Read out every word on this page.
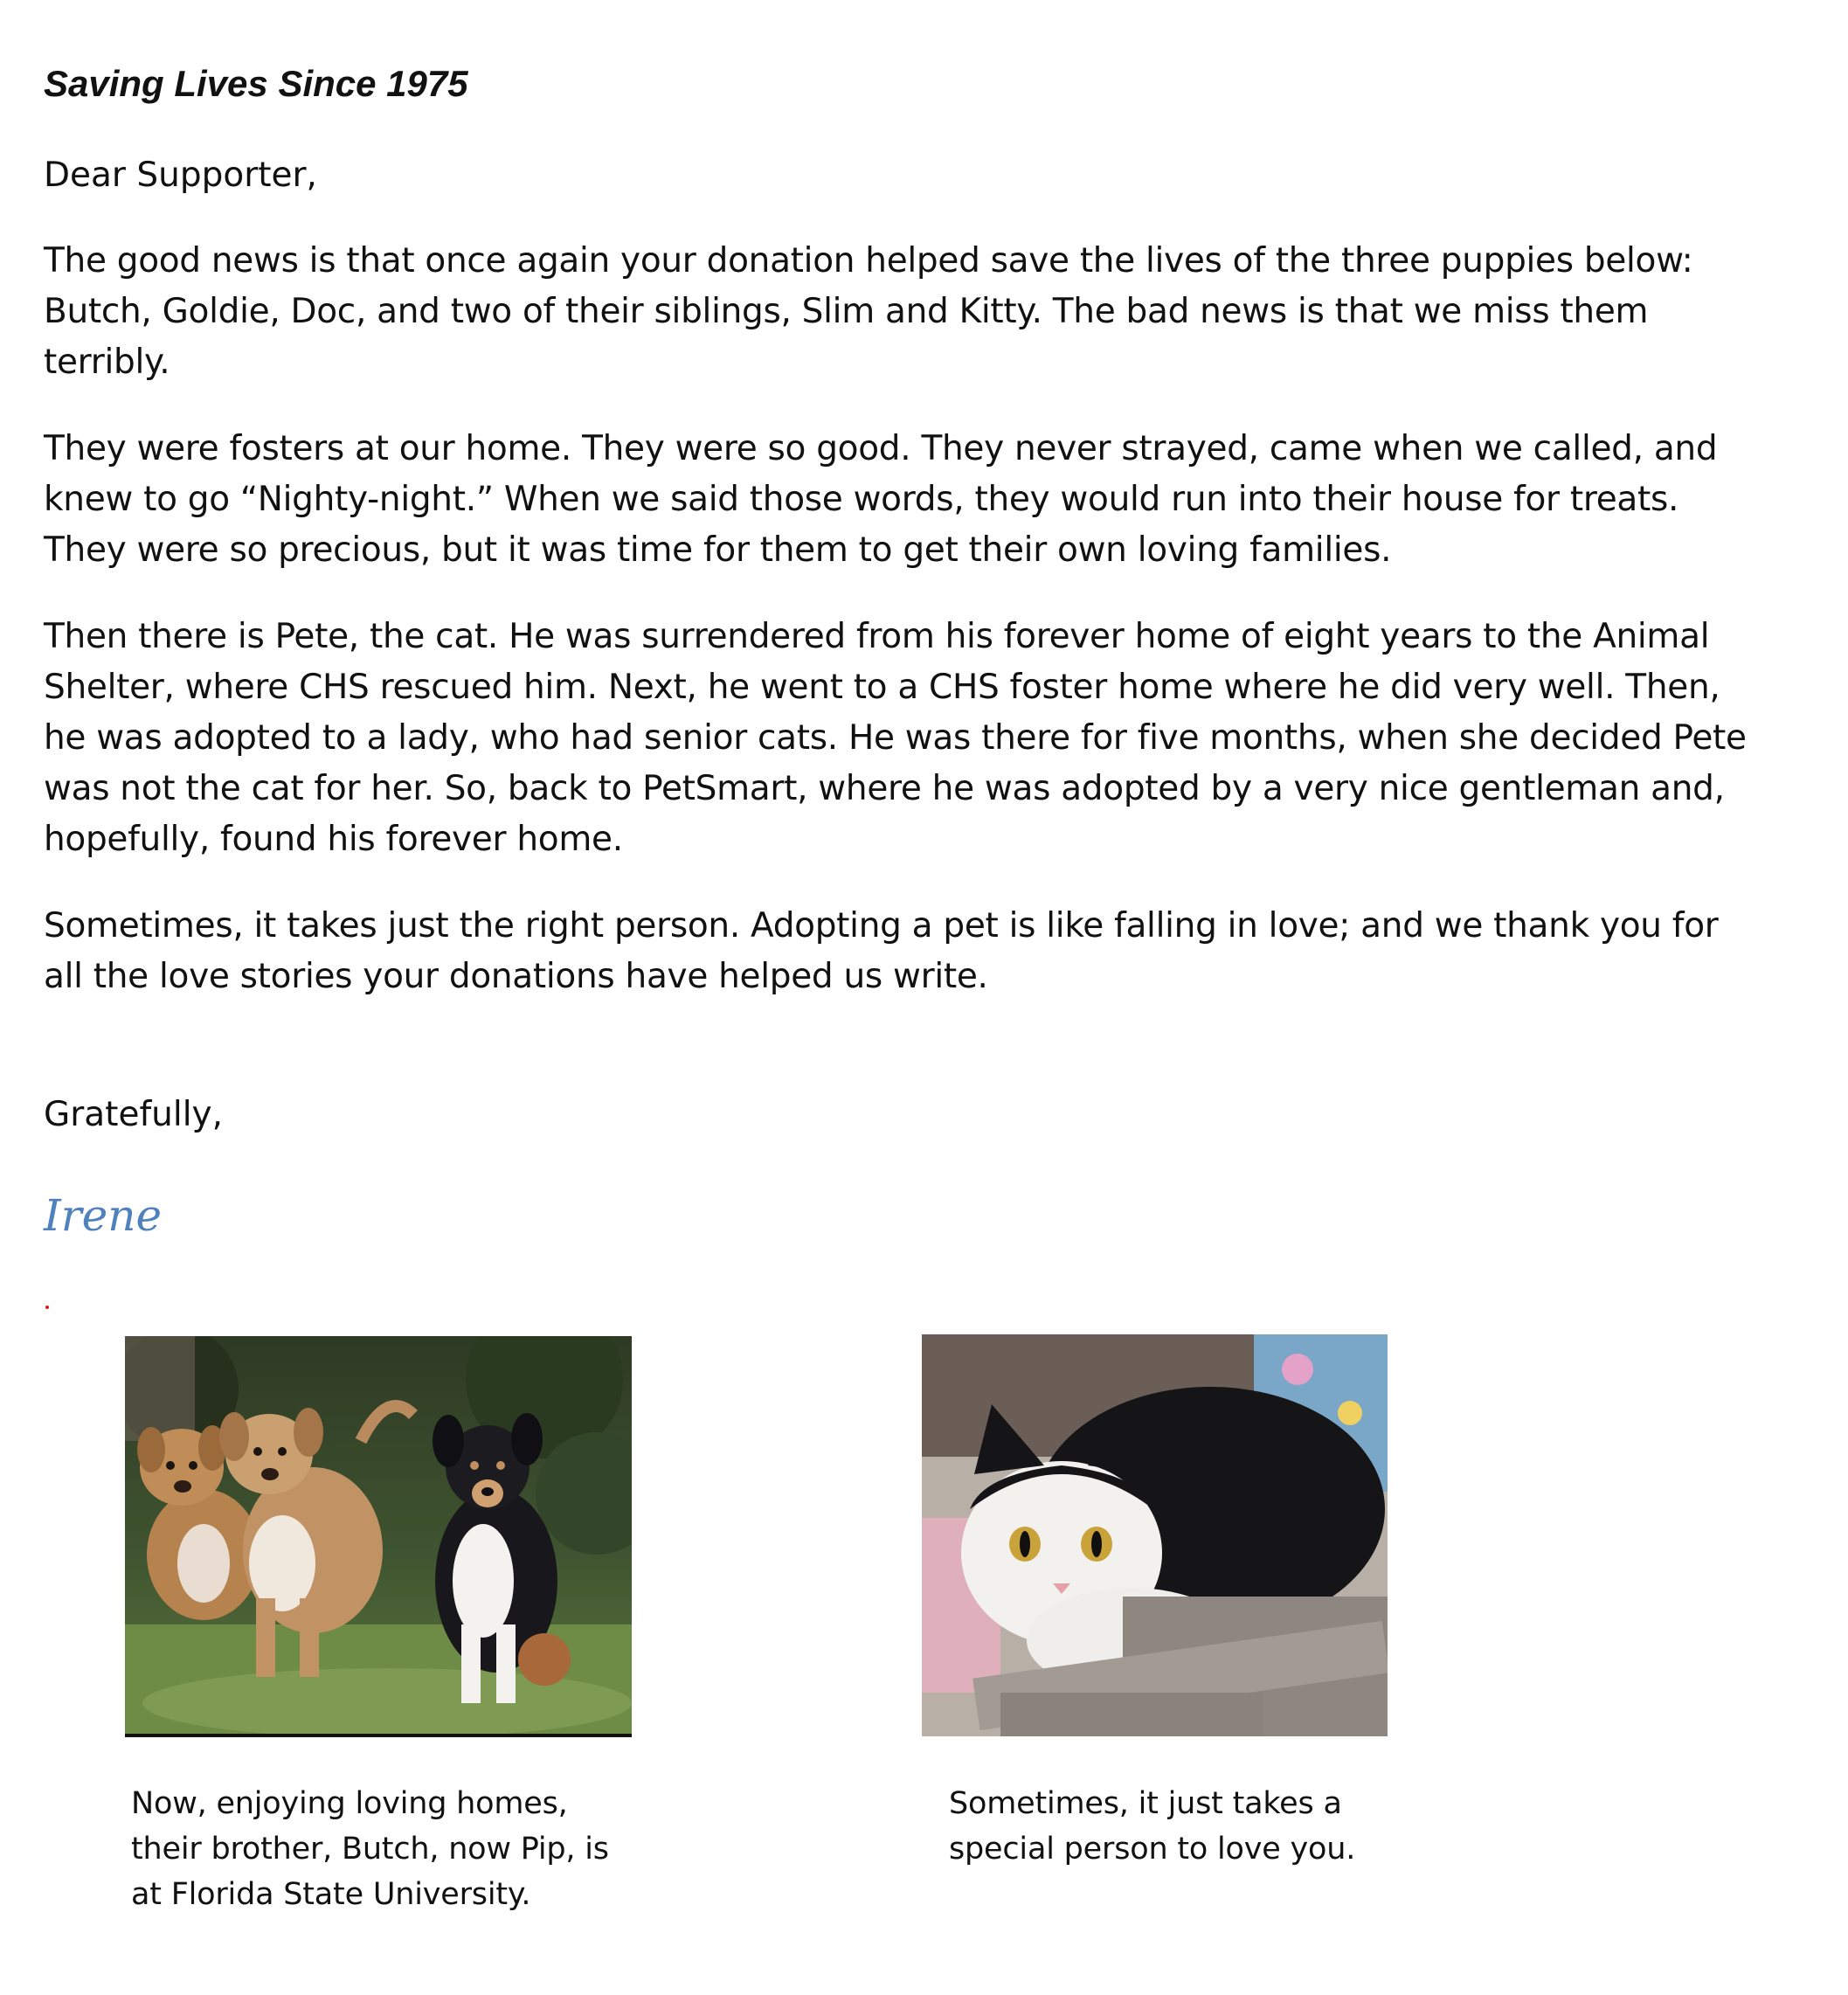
Saving Lives Since 1975

Dear Supporter,

The good news is that once again your donation helped save the lives of the three puppies below: Butch, Goldie, Doc, and two of their siblings, Slim and Kitty. The bad news is that we miss them terribly.

They were fosters at our home. They were so good. They never strayed, came when we called, and knew to go “Nighty-night.” When we said those words, they would run into their house for treats. They were so precious, but it was time for them to get their own loving families.

Then there is Pete, the cat. He was surrendered from his forever home of eight years to the Animal Shelter, where CHS rescued him. Next, he went to a CHS foster home where he did very well. Then, he was adopted to a lady, who had senior cats. He was there for five months, when she decided Pete was not the cat for her. So, back to PetSmart, where he was adopted by a very nice gentleman and, hopefully, found his forever home.

Sometimes, it takes just the right person. Adopting a pet is like falling in love; and we thank you for all the love stories your donations have helped us write.

Gratefully,

Irene

Now, enjoying loving homes,
their brother, Butch, now Pip, is
at Florida State University.
Sometimes, it just takes a
special person to love you.
